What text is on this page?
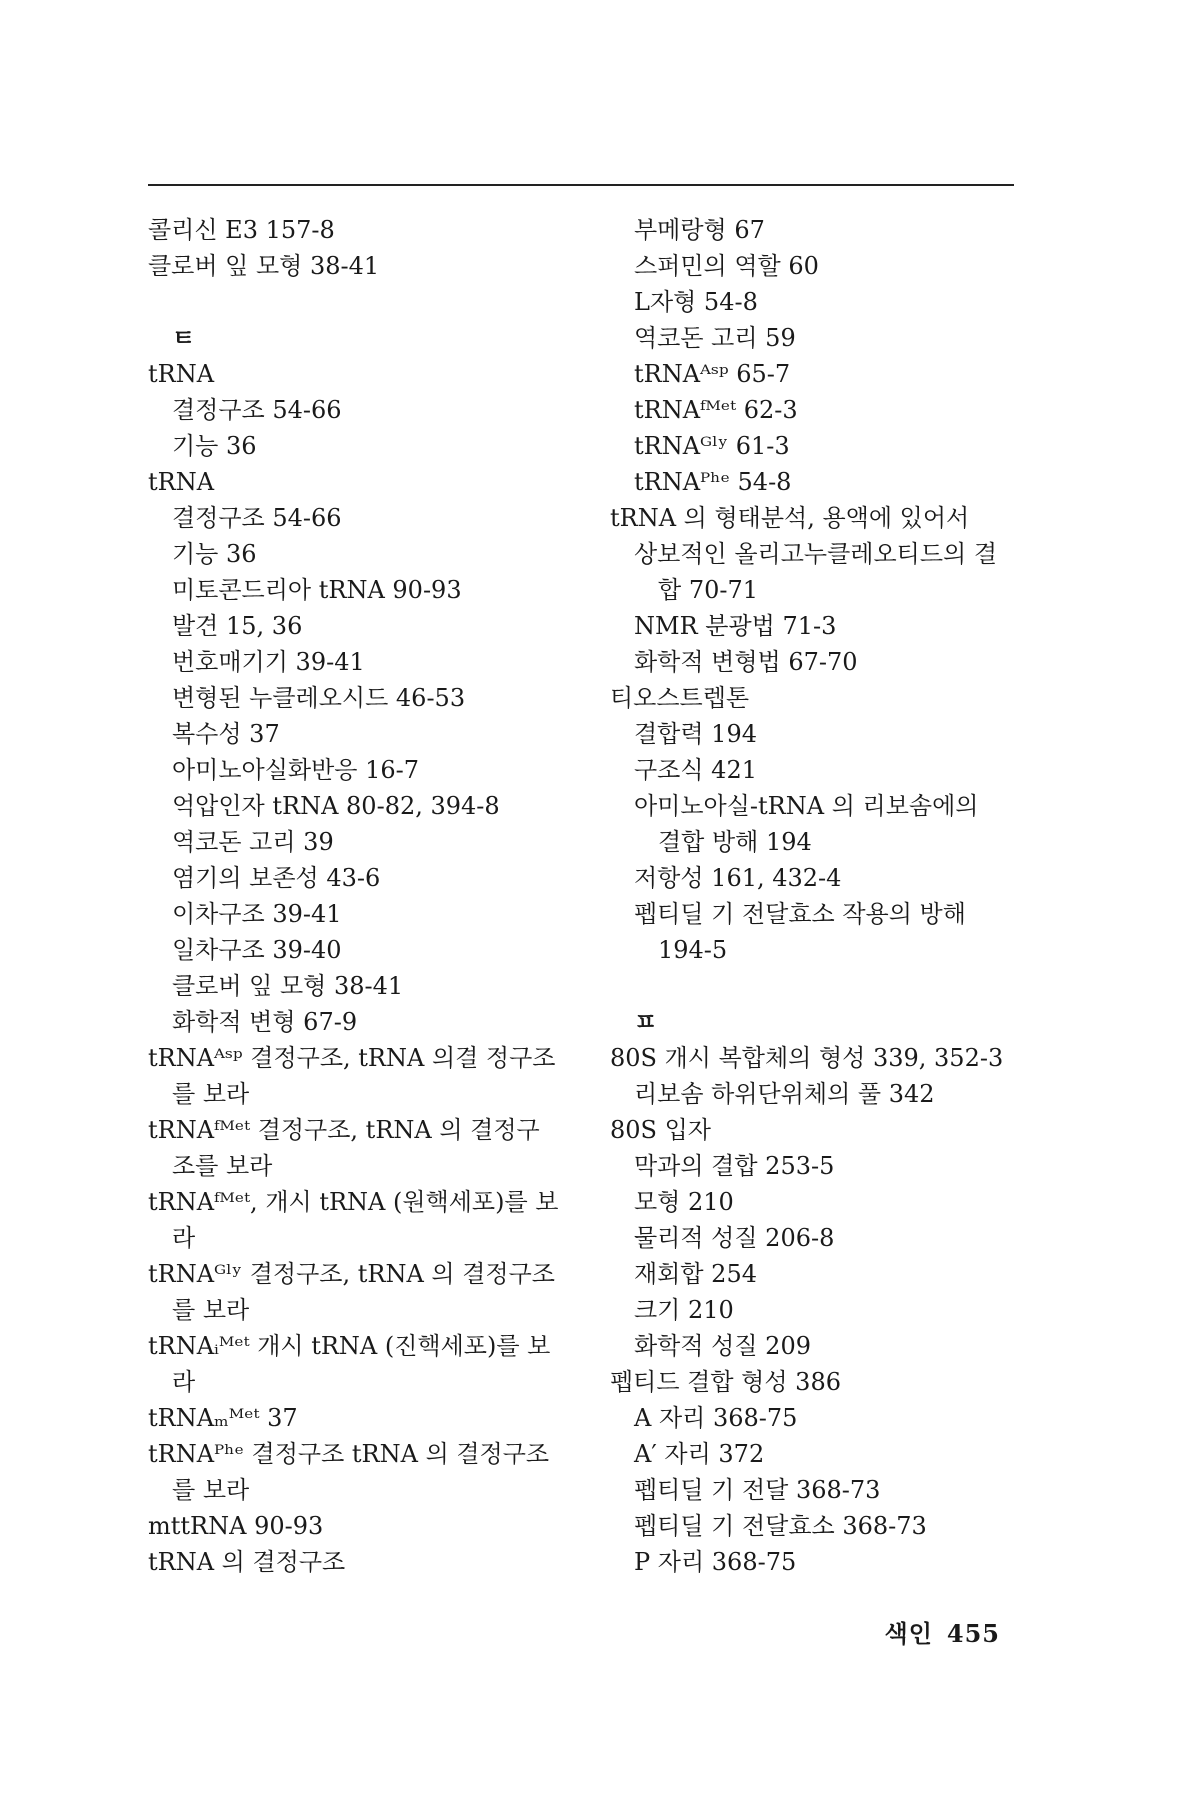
콜리신 E3 157-8
클로버 잎 모형 38-41
ㅌ
tRNA
결정구조 54-66
기능 36
tRNA
결정구조 54-66
기능 36
미토콘드리아 tRNA 90-93
발견 15, 36
번호매기기 39-41
변형된 누클레오시드 46-53
복수성 37
아미노아실화반응 16-7
억압인자 tRNA 80-82, 394-8
역코돈 고리 39
염기의 보존성 43-6
이차구조 39-41
일차구조 39-40
클로버 잎 모형 38-41
화학적 변형 67-9
tRNAᴬˢᵖ 결정구조, tRNA 의결 정구조
를 보라
tRNAᶠᴹᵉᵗ 결정구조, tRNA 의 결정구
조를 보라
tRNAᶠᴹᵉᵗ, 개시 tRNA (원핵세포)를 보
라
tRNAᴳˡʸ 결정구조, tRNA 의 결정구조
를 보라
tRNAᵢᴹᵉᵗ 개시 tRNA (진핵세포)를 보
라
tRNAₘᴹᵉᵗ 37
tRNAᴾʰᵉ 결정구조 tRNA 의 결정구조
를 보라
mttRNA 90-93
tRNA 의 결정구조
부메랑형 67
스퍼민의 역할 60
L자형 54-8
역코돈 고리 59
tRNAᴬˢᵖ 65-7
tRNAᶠᴹᵉᵗ 62-3
tRNAᴳˡʸ 61-3
tRNAᴾʰᵉ 54-8
tRNA 의 형태분석, 용액에 있어서
상보적인 올리고누클레오티드의 결
합 70-71
NMR 분광법 71-3
화학적 변형법 67-70
티오스트렙톤
결합력 194
구조식 421
아미노아실-tRNA 의 리보솜에의
결합 방해 194
저항성 161, 432-4
펩티딜 기 전달효소 작용의 방해
194-5
ㅍ
80S 개시 복합체의 형성 339, 352-3
리보솜 하위단위체의 풀 342
80S 입자
막과의 결합 253-5
모형 210
물리적 성질 206-8
재회합 254
크기 210
화학적 성질 209
펩티드 결합 형성 386
A 자리 368-75
A′ 자리 372
펩티딜 기 전달 368-73
펩티딜 기 전달효소 368-73
P 자리 368-75
색인 455
